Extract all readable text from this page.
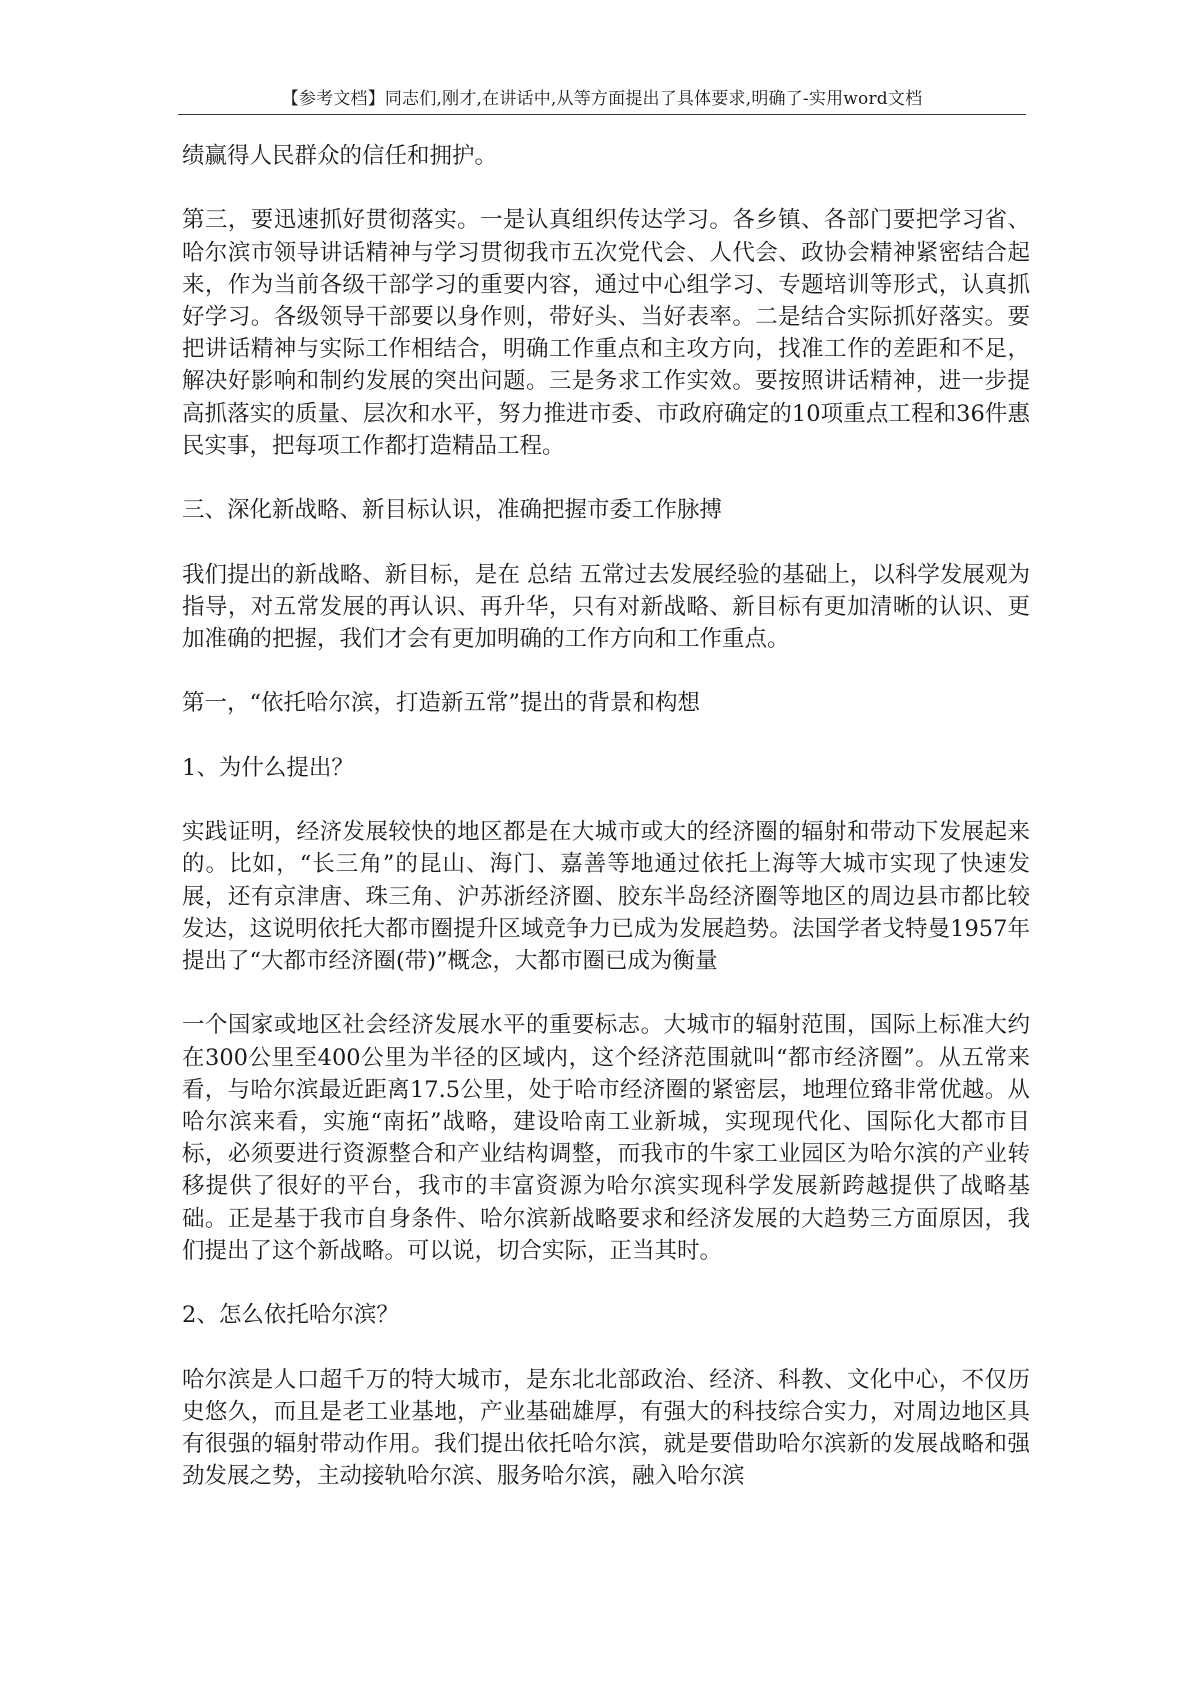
【参考文档】同志们,刚才,在讲话中,从等方面提出了具体要求,明确了-实用word文档

绩赢得人民群众的信任和拥护。

第三，要迅速抓好贯彻落实。一是认真组织传达学习。各乡镇、各部门要把学习省、哈尔滨市领导讲话精神与学习贯彻我市五次党代会、人代会、政协会精神紧密结合起来，作为当前各级干部学习的重要内容，通过中心组学习、专题培训等形式，认真抓好学习。各级领导干部要以身作则，带好头、当好表率。二是结合实际抓好落实。要把讲话精神与实际工作相结合，明确工作重点和主攻方向，找准工作的差距和不足，解决好影响和制约发展的突出问题。三是务求工作实效。要按照讲话精神，进一步提高抓落实的质量、层次和水平，努力推进市委、市政府确定的10项重点工程和36件惠民实事，把每项工作都打造精品工程。

三、深化新战略、新目标认识，准确把握市委工作脉搏

我们提出的新战略、新目标，是在 总结 五常过去发展经验的基础上，以科学发展观为指导，对五常发展的再认识、再升华，只有对新战略、新目标有更加清晰的认识、更加准确的把握，我们才会有更加明确的工作方向和工作重点。

第一，“依托哈尔滨，打造新五常”提出的背景和构想

1、为什么提出？

实践证明，经济发展较快的地区都是在大城市或大的经济圈的辐射和带动下发展起来的。比如，“长三角”的昆山、海门、嘉善等地通过依托上海等大城市实现了快速发展，还有京津唐、珠三角、沪苏浙经济圈、胶东半岛经济圈等地区的周边县市都比较发达，这说明依托大都市圈提升区域竞争力已成为发展趋势。法国学者戈特曼1957年提出了“大都市经济圈(带)”概念，大都市圈已成为衡量

一个国家或地区社会经济发展水平的重要标志。大城市的辐射范围，国际上标准大约在300公里至400公里为半径的区域内，这个经济范围就叫“都市经济圈”。从五常来看，与哈尔滨最近距离17.5公里，处于哈市经济圈的紧密层，地理位臵非常优越。从哈尔滨来看，实施“南拓”战略，建设哈南工业新城，实现现代化、国际化大都市目标，必须要进行资源整合和产业结构调整，而我市的牛家工业园区为哈尔滨的产业转移提供了很好的平台，我市的丰富资源为哈尔滨实现科学发展新跨越提供了战略基础。正是基于我市自身条件、哈尔滨新战略要求和经济发展的大趋势三方面原因，我们提出了这个新战略。可以说，切合实际，正当其时。

2、怎么依托哈尔滨？

哈尔滨是人口超千万的特大城市，是东北北部政治、经济、科教、文化中心，不仅历史悠久，而且是老工业基地，产业基础雄厚，有强大的科技综合实力，对周边地区具有很强的辐射带动作用。我们提出依托哈尔滨，就是要借助哈尔滨新的发展战略和强劲发展之势，主动接轨哈尔滨、服务哈尔滨，融入哈尔滨
